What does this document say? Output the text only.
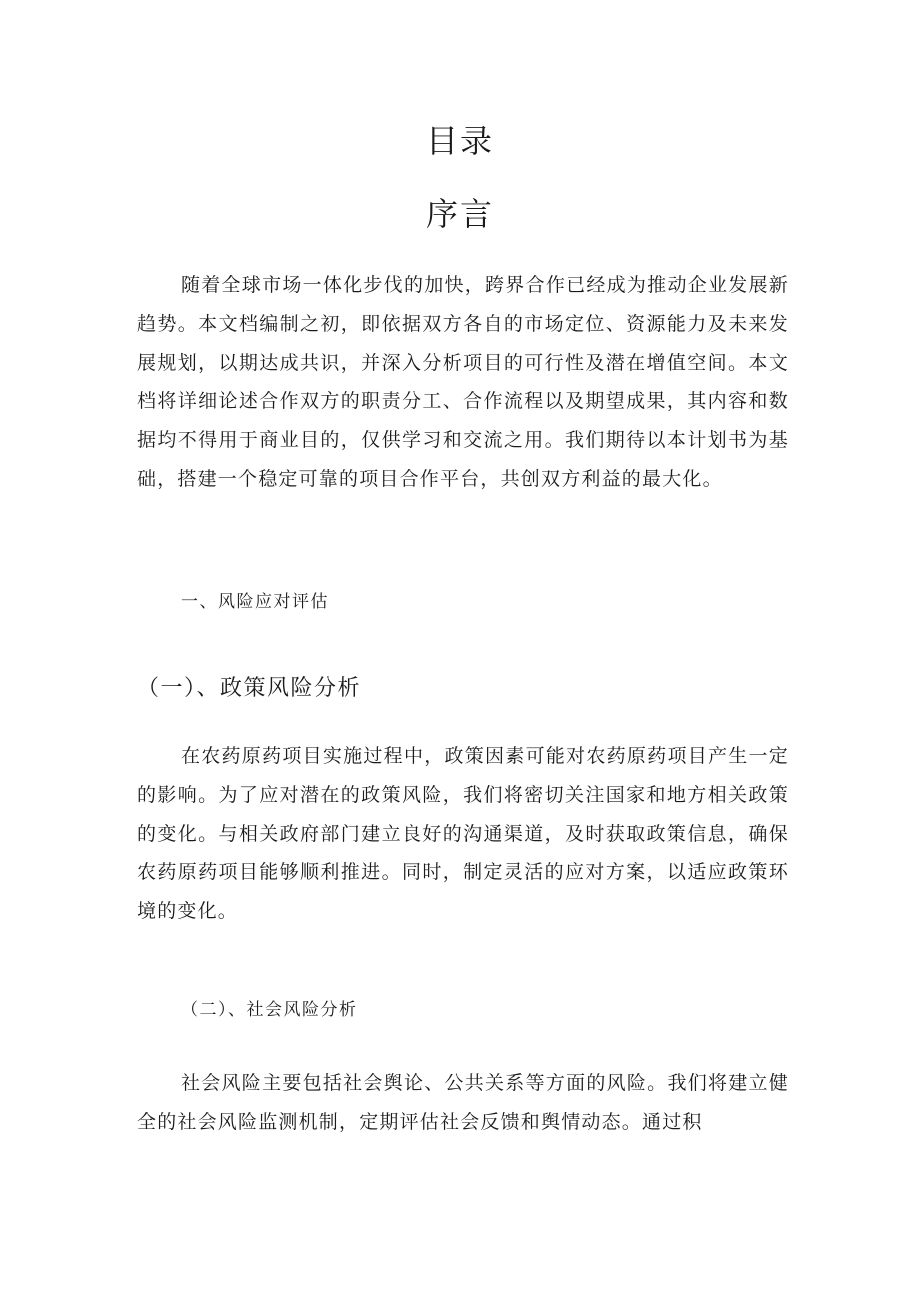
目录
序言

随着全球市场一体化步伐的加快，跨界合作已经成为推动企业发展新趋势。本文档编制之初，即依据双方各自的市场定位、资源能力及未来发展规划，以期达成共识，并深入分析项目的可行性及潜在增值空间。本文档将详细论述合作双方的职责分工、合作流程以及期望成果，其内容和数据均不得用于商业目的，仅供学习和交流之用。我们期待以本计划书为基础，搭建一个稳定可靠的项目合作平台，共创双方利益的最大化。

一、风险应对评估
（一）、政策风险分析

在农药原药项目实施过程中，政策因素可能对农药原药项目产生一定的影响。为了应对潜在的政策风险，我们将密切关注国家和地方相关政策的变化。与相关政府部门建立良好的沟通渠道，及时获取政策信息，确保农药原药项目能够顺利推进。同时，制定灵活的应对方案，以适应政策环境的变化。

（二）、社会风险分析

社会风险主要包括社会舆论、公共关系等方面的风险。我们将建立健全的社会风险监测机制，定期评估社会反馈和舆情动态。通过积
